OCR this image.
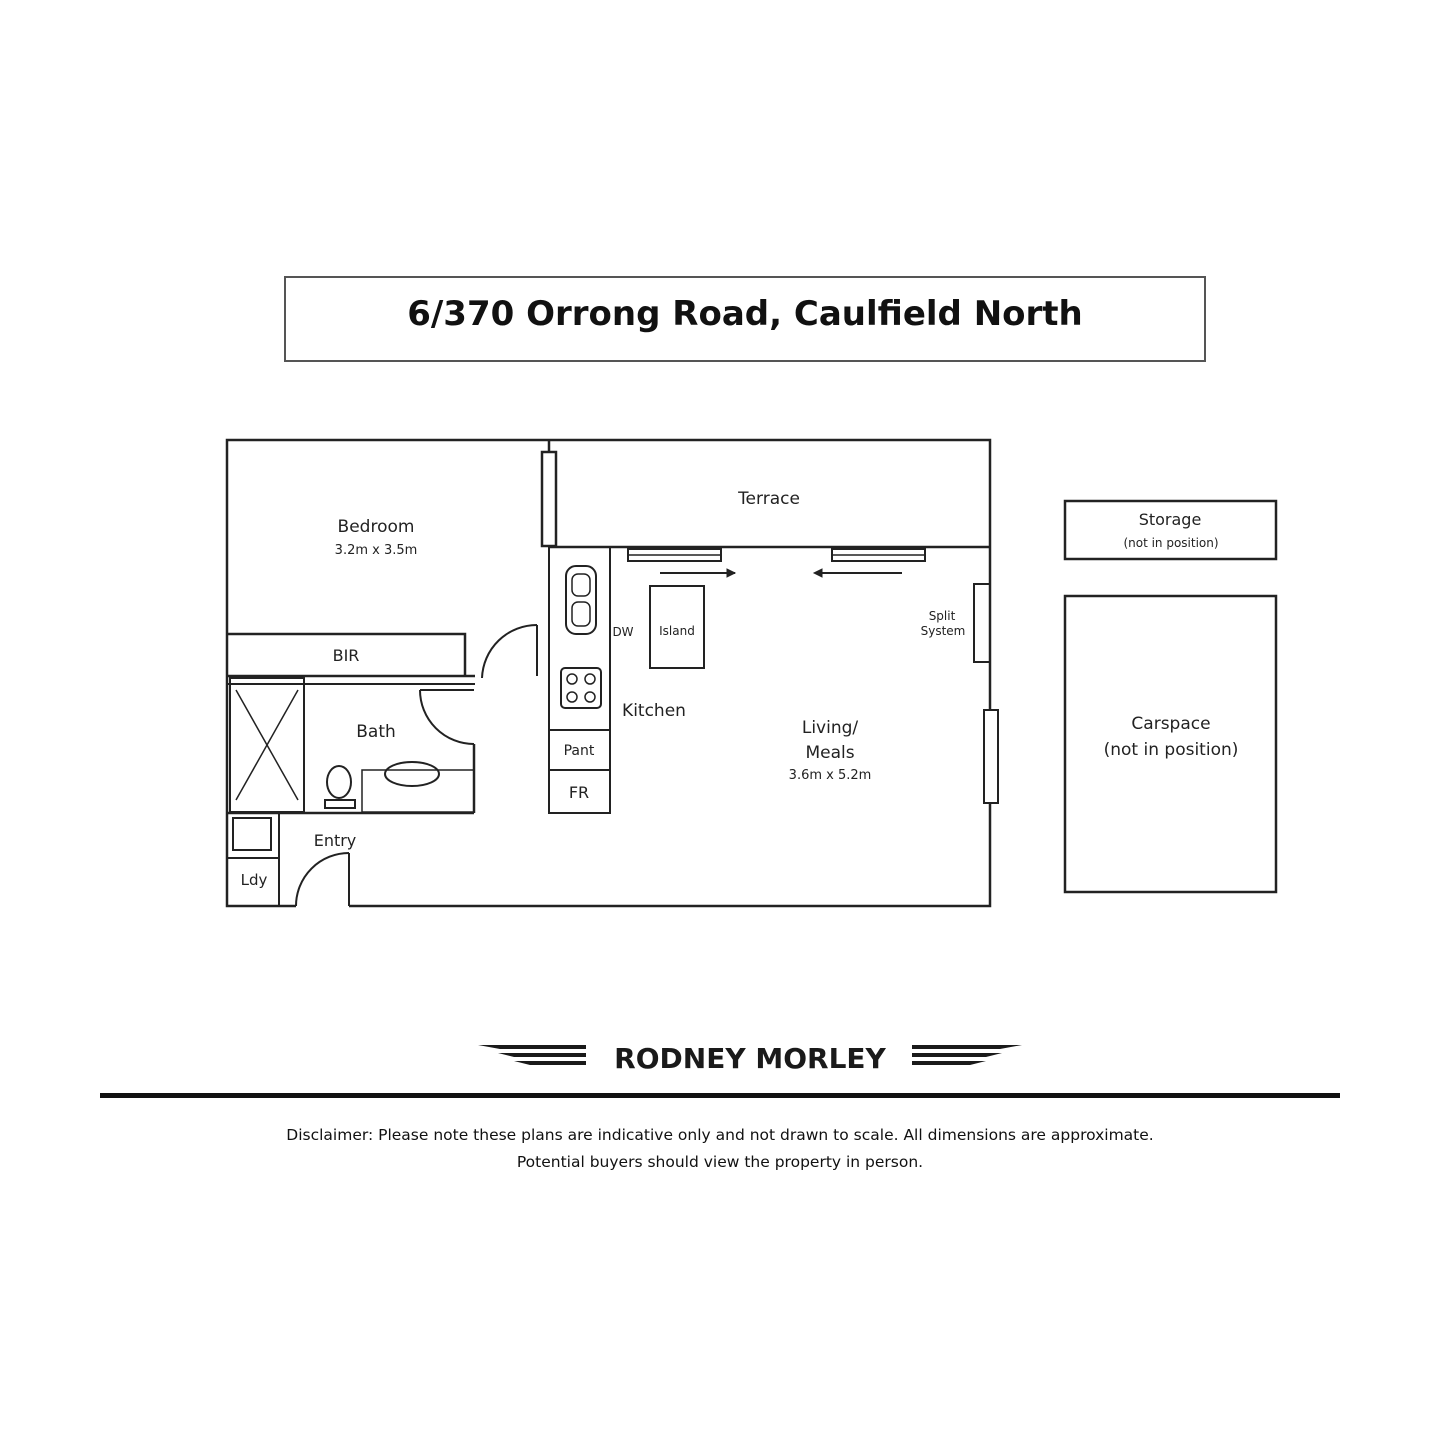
6/370 Orrong Road, Caulfield North
Terrace
Bedroom
3.2m x 3.5m
BIR
Bath
Kitchen
DW Island
Pant
FR
Split
System
Living/
Meals
3.6m x 5.2m
Entry
Ldy
Storage
(not in position)
Carspace
(not in position)
RODNEY MORLEY
Disclaimer: Please note these plans are indicative only and not drawn to scale. All dimensions are approximate.
Potential buyers should view the property in person.
